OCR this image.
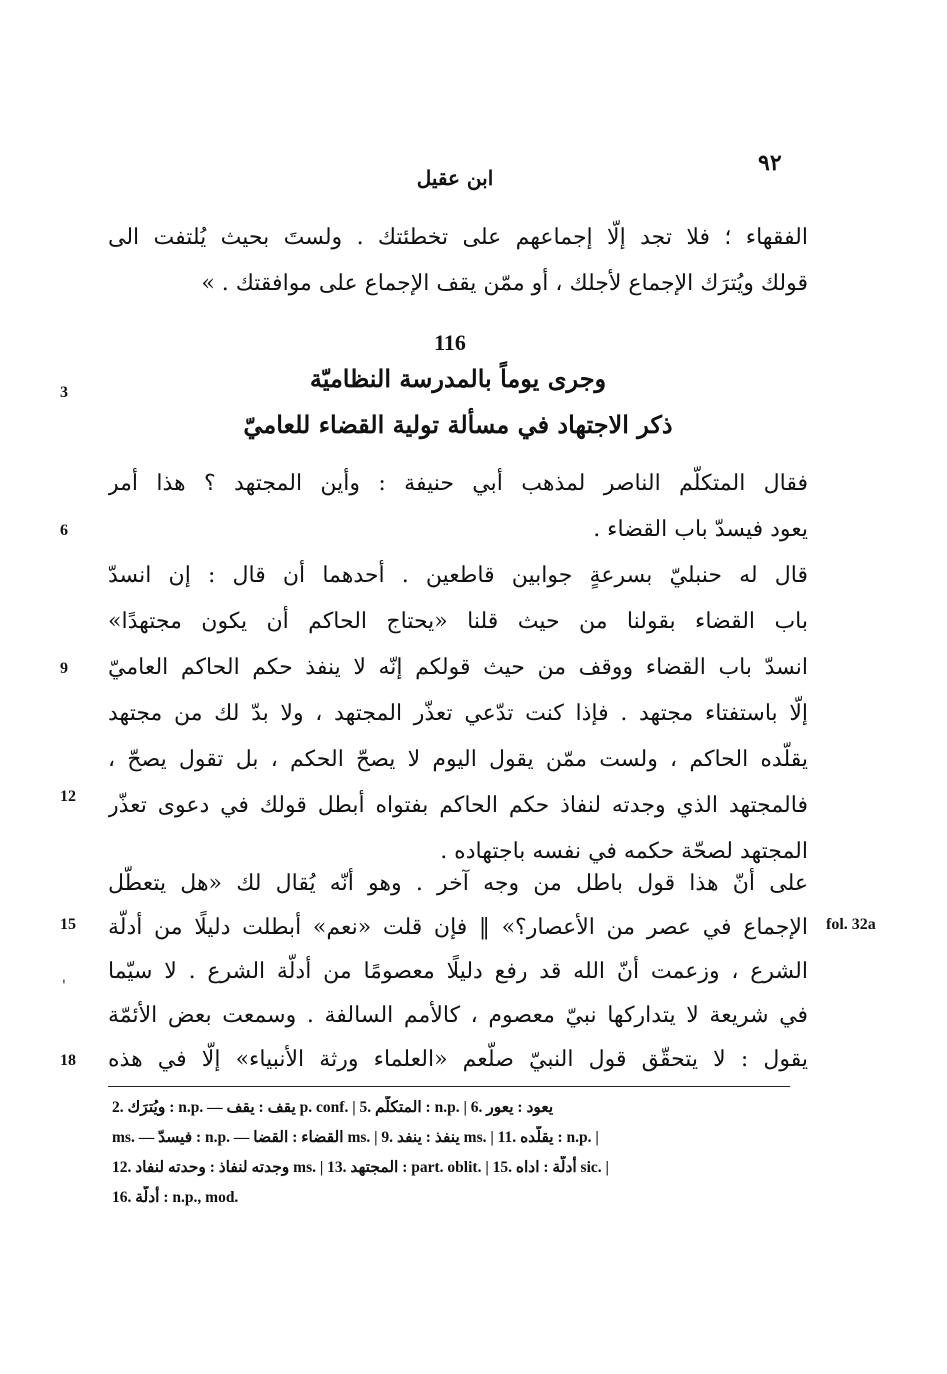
٩٢
ابن عقيل
الفقهاء ؛ فلا تجد إلّا إجماعهم على تخطئتك . ولستَ بحيث يُلتفت الى
قولك ويُترَك الإجماع لأجلك ، أو ممّن يقف الإجماع على موافقتك . »
116
وجرى يوماً بالمدرسة النظاميّة
ذكر الاجتهاد في مسألة تولية القضاء للعاميّ
فقال المتكلّم الناصر لمذهب أبي حنيفة : وأين المجتهد ؟ هذا أمر
يعود فيسدّ باب القضاء .
قال له حنبليّ بسرعةٍ جوابين قاطعين . أحدهما أن قال : إن انسدّ
باب القضاء بقولنا من حيث قلنا «يحتاج الحاكم أن يكون مجتهدًا»
انسدّ باب القضاء ووقف من حيث قولكم إنّه لا ينفذ حكم الحاكم العاميّ
إلّا باستفتاء مجتهد . فإذا كنت تدّعي تعذّر المجتهد ، ولا بدّ لك من مجتهد
يقلّده الحاكم ، ولست ممّن يقول اليوم لا يصحّ الحكم ، بل تقول يصحّ ،
فالمجتهد الذي وجدته لنفاذ حكم الحاكم بفتواه أبطل قولك في دعوى تعذّر
المجتهد لصحّة حكمه في نفسه باجتهاده .
على أنّ هذا قول باطل من وجه آخر . وهو أنّه يُقال لك «هل يتعطّل
الإجماع في عصر من الأعصار؟» ‖ فإن قلت «نعم» أبطلت دليلًا من أدلّة
الشرع ، وزعمت أنّ الله قد رفع دليلًا معصومًا من أدلّة الشرع . لا سيّما
في شريعة لا يتداركها نبيّ معصوم ، كالأمم السالفة . وسمعت بعض الأئمّة
يقول : لا يتحقّق قول النبيّ صلّعم «العلماء ورثة الأنبياء» إلّا في هذه
3
6
9
12
15
18
'
fol. 32a
2. ويُترَك : n.p. — يقف : يقف p. conf. | 5. المتكلّم : n.p. | 6. يعود : يعور
ms. — فيسدّ : n.p. — القضاء : القضا ms. | 9. ينفذ : ينفد ms. | 11. يقلّده : n.p. |
12. وجدته لنفاذ : وحدته لنفاد ms. | 13. المجتهد : part. oblit. | 15. أدلّة : اداه sic. |
16. أدلّة : n.p., mod.
